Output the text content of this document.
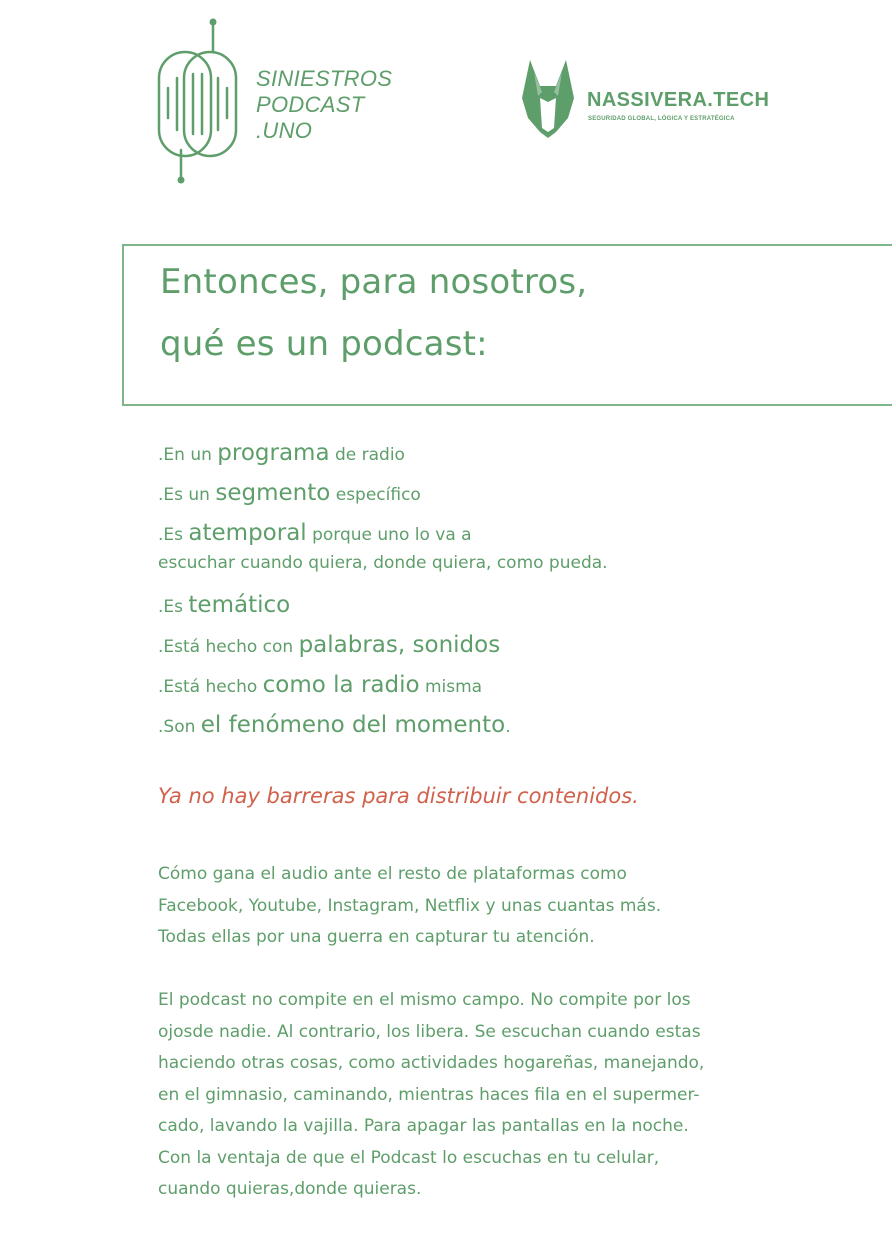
SINIESTROS
PODCAST
.UNO
NASSIVERA.TECH
SEGURIDAD GLOBAL, LÓGICA Y ESTRATÉGICA
Entonces, para nosotros,
qué es un podcast:
.En un programa de radio
.Es un segmento específico
.Es atemporal porque uno lo va a
escuchar cuando quiera, donde quiera, como pueda.
.Es temático
.Está hecho con palabras, sonidos
.Está hecho como la radio misma
.Son el fenómeno del momento.
Ya no hay barreras para distribuir contenidos.
Cómo gana el audio ante el resto de plataformas como
Facebook, Youtube, Instagram, Netflix y unas cuantas más.
Todas ellas por una guerra en capturar tu atención.
El podcast no compite en el mismo campo. No compite por los
ojosde nadie. Al contrario, los libera. Se escuchan cuando estas
haciendo otras cosas, como actividades hogareñas, manejando,
en el gimnasio, caminando, mientras haces fila en el supermer-
cado, lavando la vajilla. Para apagar las pantallas en la noche.
Con la ventaja de que el Podcast lo escuchas en tu celular,
cuando quieras,donde quieras.
